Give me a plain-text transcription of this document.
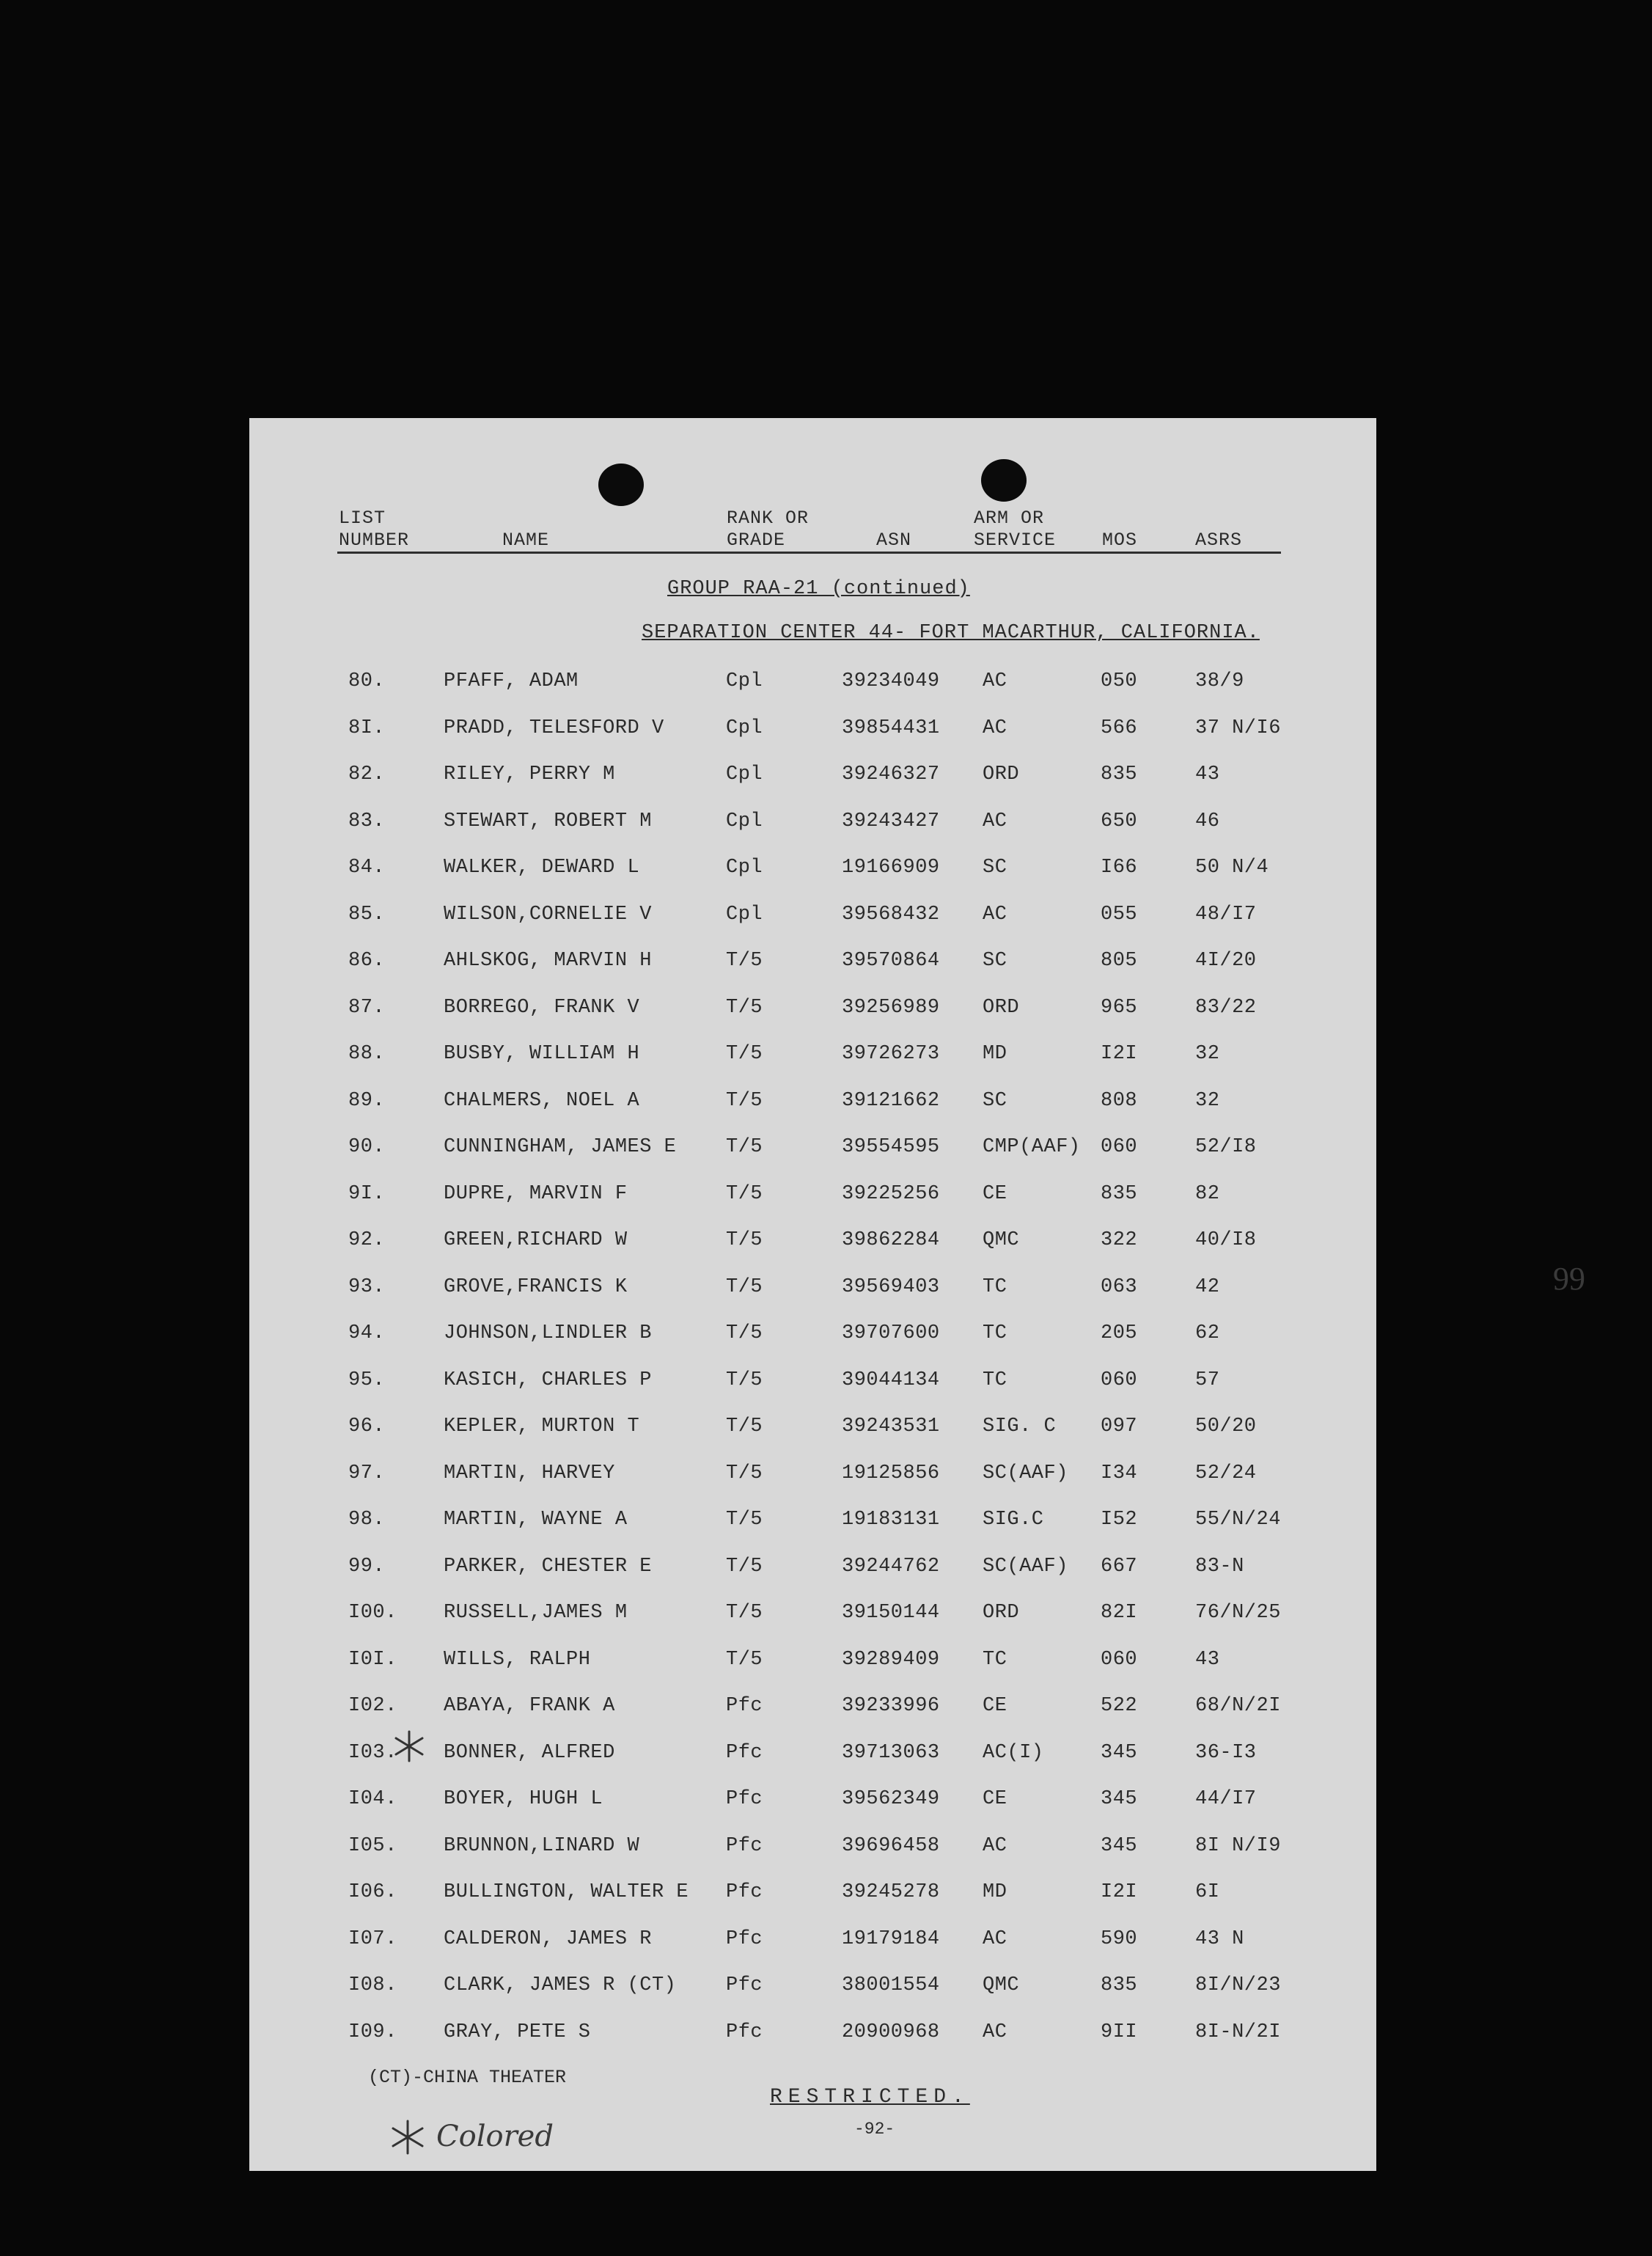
LIST
NUMBER	NAME
RANK OR
GRADE	ASN
ARM OR
SERVICE	MOS	ASRS
GROUP RAA-21 (continued)
SEPARATION CENTER 44- FORT MACARTHUR, CALIFORNIA.
80.	PFAFF, ADAM	Cpl	39234049 AC	050	38/9
8I.	PRADD, TELESFORD V	Cpl	39854431 AC	566	37 N/I6
82.	RILEY, PERRY M	Cpl	39246327 ORD	835	43
83.	STEWART, ROBERT M	Cpl	39243427 AC	650	46
84.	WALKER, DEWARD L	Cpl	19166909 SC	I66	50 N/4
85.	WILSON,CORNELIE V	Cpl	39568432 AC	055	48/I7
86.	AHLSKOG, MARVIN H	T/5	39570864 SC	805	4I/20
87.	BORREGO, FRANK V	T/5	39256989 ORD	965	83/22
88.	BUSBY, WILLIAM H	T/5	39726273 MD	I2I	32
89.	CHALMERS, NOEL A	T/5	39121662 SC	808	32
90.	CUNNINGHAM, JAMES E	T/5	39554595 CMP(AAF) 060	52/I8
9I.	DUPRE, MARVIN F	T/5	39225256 CE	835	82
92.	GREEN,RICHARD W	T/5	39862284 QMC	322	40/I8
93.	GROVE,FRANCIS K	T/5	39569403 TC	063	42
94.	JOHNSON,LINDLER B	T/5	39707600 TC	205	62
95.	KASICH, CHARLES P	T/5	39044134 TC	060	57
96.	KEPLER, MURTON T	T/5	39243531 SIG. C 097	50/20
97.	MARTIN, HARVEY	T/5	19125856 SC(AAF) I34	52/24
98.	MARTIN, WAYNE A	T/5	19183131 SIG.C	I52	55/N/24
99.	PARKER, CHESTER E	T/5	39244762 SC(AAF) 667	83-N
I00. RUSSELL,JAMES M	T/5	39150144 ORD	82I	76/N/25
I0I. WILLS, RALPH	T/5	39289409 TC	060	43
I02. ABAYA, FRANK A	Pfc	39233996 CE	522	68/N/2I
I03. BONNER, ALFRED	Pfc	39713063 AC(I)	345	36-I3
I04. BOYER, HUGH L	Pfc	39562349 CE	345	44/I7
I05. BRUNNON,LINARD W	Pfc	39696458 AC	345	8I N/I9
I06. BULLINGTON, WALTER E Pfc	39245278 MD	I2I	6I
I07. CALDERON, JAMES R	Pfc	19179184 AC	590	43 N
I08. CLARK, JAMES R (CT)	Pfc	38001554 QMC	835	8I/N/23
I09. GRAY, PETE S	Pfc	20900968 AC	9II	8I-N/2I
99
(CT)-CHINA THEATER
RESTRICTED.
-92-
Colored
